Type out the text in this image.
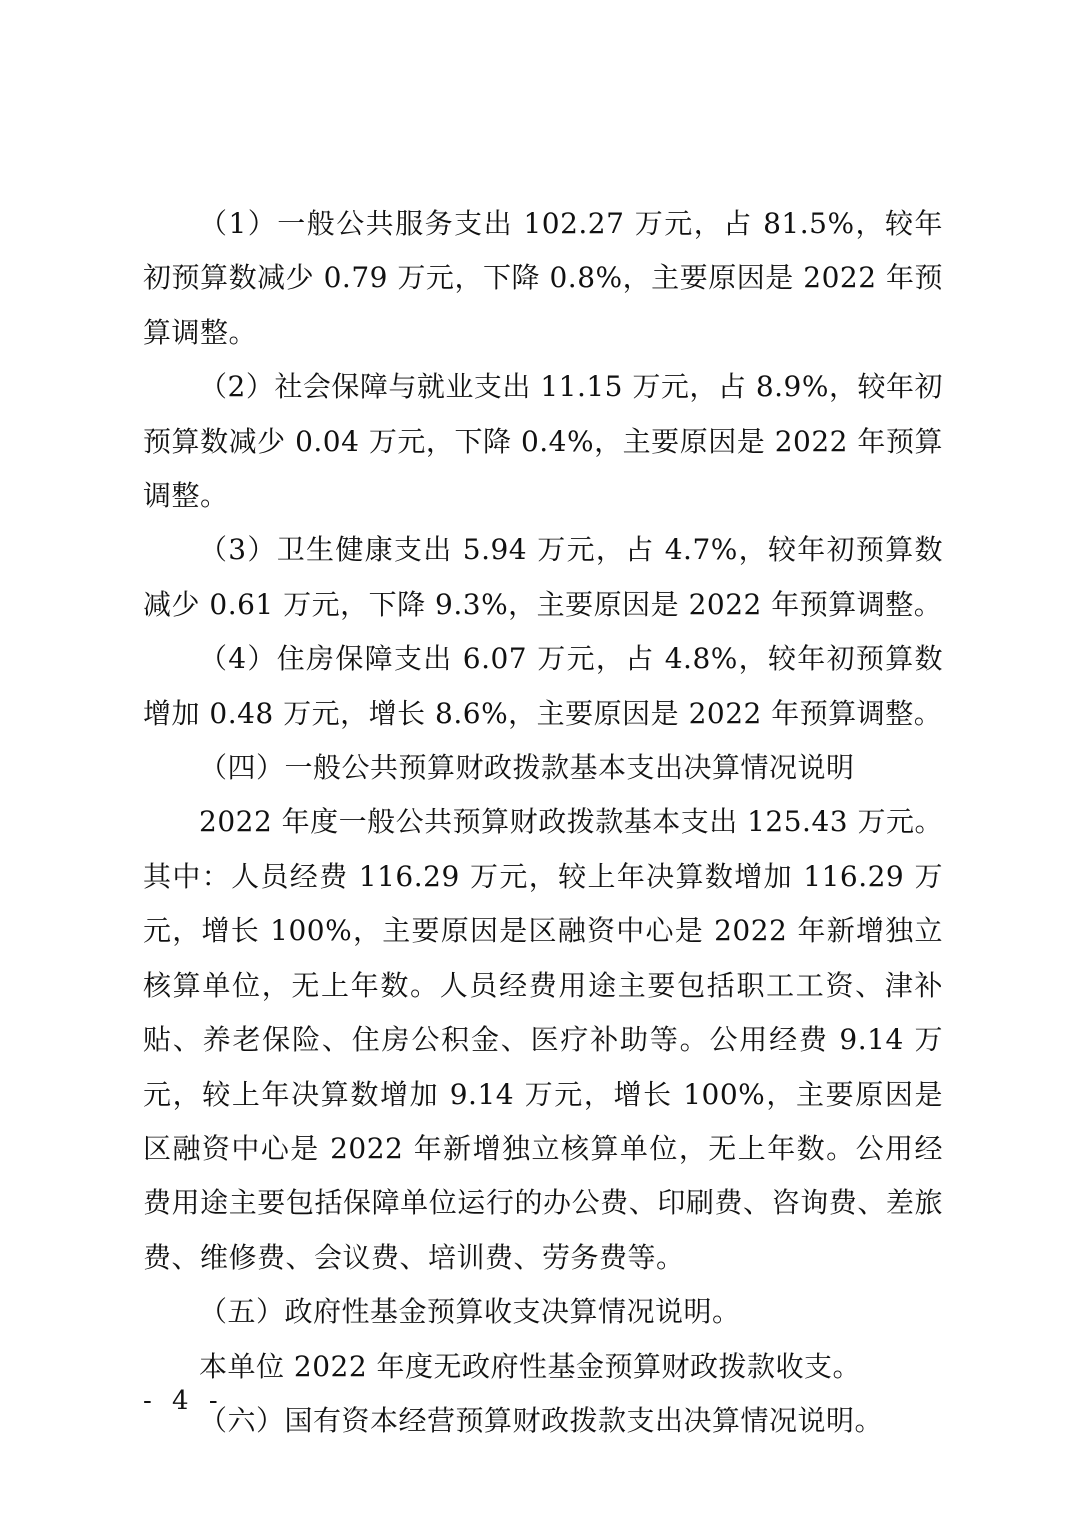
（1）一般公共服务支出 102.27 万元，占 81.5%，较年初预算数减少 0.79 万元，下降 0.8%，主要原因是 2022 年预算调整。

（2）社会保障与就业支出 11.15 万元，占 8.9%，较年初预算数减少 0.04 万元，下降 0.4%，主要原因是 2022 年预算调整。

（3）卫生健康支出 5.94 万元，占 4.7%，较年初预算数减少 0.61 万元，下降 9.3%，主要原因是 2022 年预算调整。

（4）住房保障支出 6.07 万元，占 4.8%，较年初预算数增加 0.48 万元，增长 8.6%，主要原因是 2022 年预算调整。

（四）一般公共预算财政拨款基本支出决算情况说明

2022 年度一般公共预算财政拨款基本支出 125.43 万元。其中：人员经费 116.29 万元，较上年决算数增加 116.29 万元，增长 100%，主要原因是区融资中心是 2022 年新增独立核算单位，无上年数。人员经费用途主要包括职工工资、津补贴、养老保险、住房公积金、医疗补助等。公用经费 9.14 万元，较上年决算数增加 9.14 万元，增长 100%，主要原因是区融资中心是 2022 年新增独立核算单位，无上年数。公用经费用途主要包括保障单位运行的办公费、印刷费、咨询费、差旅费、维修费、会议费、培训费、劳务费等。

（五）政府性基金预算收支决算情况说明。

本单位 2022 年度无政府性基金预算财政拨款收支。

（六）国有资本经营预算财政拨款支出决算情况说明。

- 4 -
